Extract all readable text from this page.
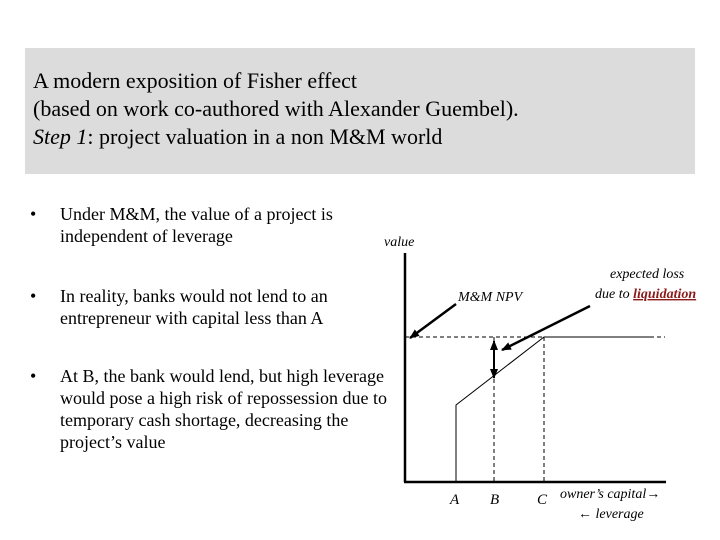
A modern exposition of Fisher effect
(based on work co-authored with Alexander Guembel).
Step 1: project valuation in a non M&M world
• Under M&M, the value of a project is independent of leverage
• In reality, banks would not lend to an entrepreneur with capital less than A
• At B, the bank would lend, but high leverage would pose a high risk of repossession due to temporary cash shortage, decreasing the project’s value
value
M&M NPV
expected loss
due to liquidation
A B	C owner’s capital→
← leverage
